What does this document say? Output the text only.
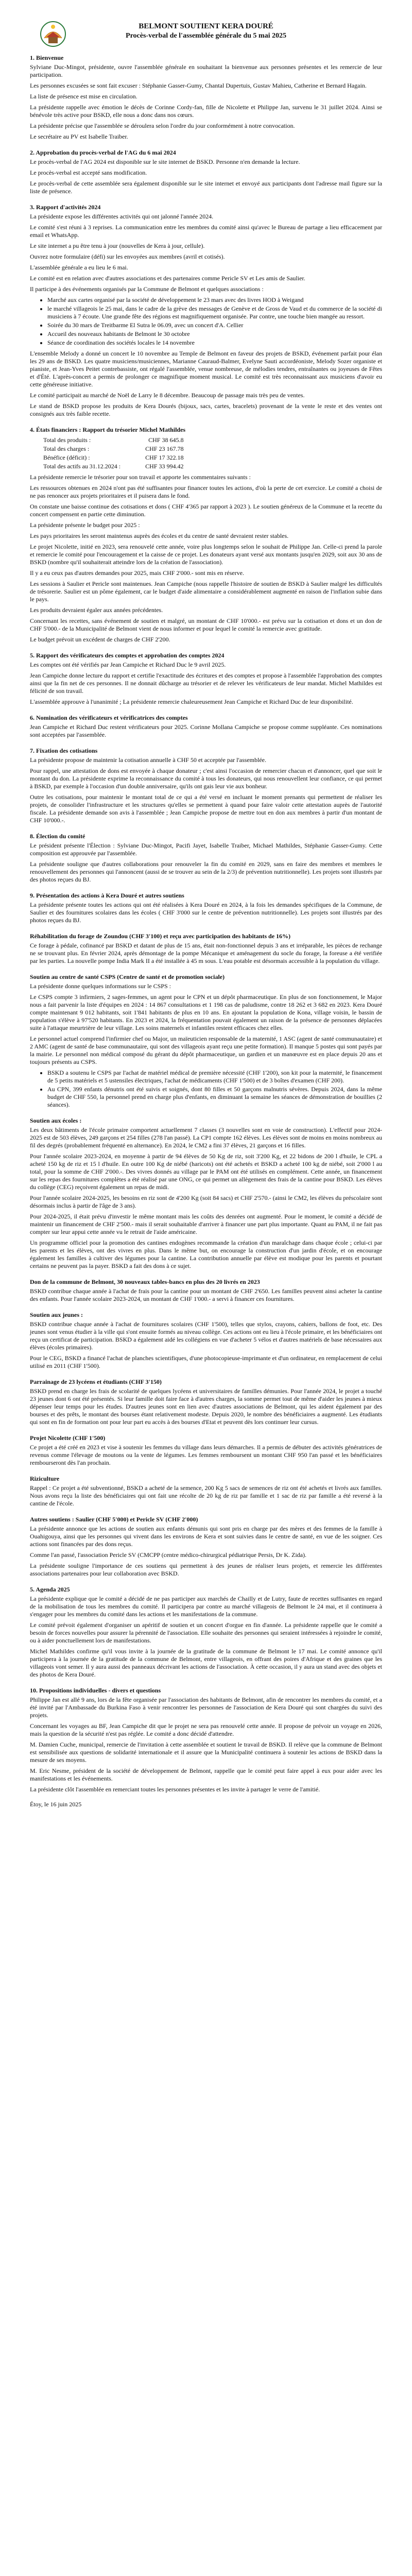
BELMONT SOUTIENT KERA DOURÉ
Procès-verbal de l'assemblée générale du 5 mai 2025
1. Bienvenue

Sylviane Duc-Mingot, présidente, ouvre l'assemblée générale en souhaitant la bienvenue aux personnes présentes et les remercie de leur participation.

Les personnes excusées se sont fait excuser : Stéphanie Gasser-Gumy, Chantal Dupertuis, Gustav Mahieu, Catherine et Bernard Hagain.

La liste de présence est mise en circulation.

La présidente rappelle avec émotion le décès de Corinne Cordy-fan, fille de Nicolette et Philippe Jan, survenu le 31 juillet 2024. Ainsi se bénévole très active pour BSKD, elle nous a donc dans nos cœurs.

La présidente précise que l'assemblée se déroulera selon l'ordre du jour conformément à notre convocation.

Le secrétaire au PV est Isabelle Traiber.

2. Approbation du procès-verbal de l'AG du 6 mai 2024

Le procès-verbal de l'AG 2024 est disponible sur le site internet de BSKD. Personne n'en demande la lecture.

Le procès-verbal est accepté sans modification.

Le procès-verbal de cette assemblée sera également disponible sur le site internet et envoyé aux participants dont l'adresse mail figure sur la liste de présence.

3. Rapport d'activités 2024

La présidente expose les différentes activités qui ont jalonné l'année 2024.

Le comité s'est réuni à 3 reprises. La communication entre les membres du comité ainsi qu'avec le Bureau de partage a lieu efficacement par email et WhatsApp.

Le site internet a pu être tenu à jour (nouvelles de Kera à jour, cellule).

Ouvrez notre formulaire (défi) sur les envoyées aux membres (avril et cotisés).

L'assemblée générale a eu lieu le 6 mai.

Le comité est en relation avec d'autres associations et des partenaires comme Pericle SV et Les amis de Saulier.

Il participe à des événements organisés par la Commune de Belmont et quelques associations :

• Marché aux cartes organisé par la société de développement le 23 mars avec des livres HOD à Weigand
• le marché villageois le 25 mai, dans le cadre de la grève des messages de Genève et de Gross de Vaud et du commerce de la société di musiciens à 7 écoute. Une grande fête des régions est magnifiquement organisée. Par contre, une touche bien mangée au ressort.
• Soirée du 30 mars de Treitbarme El Sutra le 06.09, avec un concert d'A. Cellier
• Accueil des nouveaux habitants de Belmont le 30 octobre
• Séance de coordination des sociétés locales le 14 novembre

L'ensemble Melody a donné un concert le 10 novembre au Temple de Belmont en faveur des projets de BSKD, événement parfait pour élan les 29 ans de BSKD. Les quatre musiciens/musiciennes, Marianne Cauraud-Balmer, Evelyne Sauti accordéoniste, Melody Sozer organiste et pianiste, et Jean-Yves Peitet contrebassiste, ont régalé l'assemblée, venue nombreuse, de mélodies tendres, entraînantes ou joyeuses de Fêtes et d'Été. L'après-concert a permis de prolonger ce magnifique moment musical. Le comité est très reconnaissant aux musiciens d'avoir eu cette généreuse initiative.

Le comité participait au marché de Noël de Larry le 8 décembre. Beaucoup de passage mais très peu de ventes.

Le stand de BSKD propose les produits de Kera Dourés (bijoux, sacs, cartes, bracelets) provenant de la vente le reste et des ventes ont consignés aux très faible recette.

4. États financiers : Rapport du trésorier Michel Mathildes
Total des produits :	CHF 38 645.8
Total des charges :	CHF 23 167.78
Bénéfice (déficit) :	CHF 17 322.18
Total des actifs au 31.12.2024 :	CHF 33 994.42

La présidente remercie le trésorier pour son travail et apporte les commentaires suivants :

Les ressources obtenues en 2024 n'ont pas été suffisantes pour financer toutes les actions, d'où la perte de cet exercice. Le comité a choisi de ne pas renoncer aux projets prioritaires et il puisera dans le fond.

On constate une baisse continue des cotisations et dons ( CHF 4'365 par rapport à 2023 ). Le soutien généreux de la Commune et la recette du concert compensent en partie cette diminution.

La présidente présente le budget pour 2025 :

Les pays prioritaires les seront maintenus auprès des écoles et du centre de santé devraient rester stables.

Le projet Nicolette, initié en 2023, sera renouvelé cette année, voire plus longtemps selon le souhait de Philippe Jan. Celle-ci prend la parole et remercie le comité pour l'encouragement et la caisse de ce projet. Les donateurs ayant versé aux montants jusqu'en 2029, soit aux 30 ans de BSKD (nombre qu'il souhaiterait atteindre lors de la création de l'association).

Il y a eu ceux pas d'autres demandes pour 2025, mais CHF 2'000.- sont mis en réserve.

Les sessions à Saulier et Pericle sont maintenues. Jean Campiche (nous rappelle l'histoire de soutien de BSKD à Saulier malgré les difficultés de trésorerie. Saulier est un pôme également, car le budget d'aide alimentaire a considérablement augmenté en raison de l'inflation subie dans le pays.

Les produits devraient égaler aux années précédentes.

Concernant les recettes, sans événement de soutien et malgré, un montant de CHF 10'000.- est prévu sur la cotisation et dons et un don de CHF 5'000.- de la Municipalité de Belmont vient de nous informer et pour lequel le comité la remercie avec gratitude.

Le budget prévoit un excédent de charges de CHF 2'200.

5. Rapport des vérificateurs des comptes et approbation des comptes 2024

Les comptes ont été vérifiés par Jean Campiche et Richard Duc le 9 avril 2025.

Jean Campiche donne lecture du rapport et certifie l'exactitude des écritures et des comptes et propose à l'assemblée l'approbation des comptes ainsi que la fin net de ces personnes. Il ne donnait dûcharge au trésorier et de relever les vérificateurs de leur mandat. Michel Mathildes est félicité de son travail.

L'assemblée approuve à l'unanimité ; La présidente remercie chaleureusement Jean Campiche et Richard Duc de leur disponibilité.

6. Nomination des vérificateurs et vérificatrices des comptes

Jean Campiche et Richard Duc restent vérificateurs pour 2025. Corinne Mollana Campiche se propose comme suppléante. Ces nominations sont acceptées par l'assemblée.

7. Fixation des cotisations

La présidente propose de maintenir la cotisation annuelle à CHF 50 et acceptée par l'assemblée.

Pour rappel, une attestation de dons est envoyée à chaque donateur ; c'est ainsi l'occasion de remercier chacun et d'annoncer, quel que soit le montant du don. La présidente exprime la reconnaissance du comité à tous les donateurs, qui nous renouvellent leur confiance, ce qui permet à BSKD, par exemple à l'occasion d'un double anniversaire, qu'ils ont gais leur vie aux bonheur.

Outre les cotisations, pour maintenir le montant total de ce qui a été versé en incluant le moment prenants qui permettent de réaliser les projets, de consolider l'infrastructure et les structures qu'elles se permettent à quand pour faire valoir cette attestation auprès de l'autorité fiscale. La présidente demande son avis à l'assemblée ; Jean Campiche propose de mettre tout en don aux membres à partir d'un montant de CHF 10'000.-.

8. Élection du comité

Le président présente l'Élection : Sylviane Duc-Mingot, Pacifi Jayet, Isabelle Traiber, Michael Mathildes, Stéphanie Gasser-Gumy. Cette composition est approuvée par l'assemblée.

La présidente souligne que d'autres collaborations pour renouveler la fin du comité en 2029, sans en faire des membres et membres le renouvellement des personnes qui l'annoncent (aussi de se trouver au sein de la 2/3) de prévention nutritionnelle). Les projets sont illustrés par des photos reçues du BJ.

9. Présentation des actions à Kera Douré et autres soutiens

La présidente présente toutes les actions qui ont été réalisées à Kera Douré en 2024, à la fois les demandes spécifiques de la Commune, de Saulier et des fournitures scolaires dans les écoles ( CHF 3'000 sur le centre de prévention nutritionnelle). Les projets sont illustrés par des photos reçues du BJ.

Réhabilitation du forage de Zoundou (CHF 3'100) et reçu avec participation des habitants de 16%)

Ce forage à pédale, cofinancé par BSKD et datant de plus de 15 ans, était non-fonctionnel depuis 3 ans et irréparable, les pièces de rechange ne se trouvant plus. En février 2024, après démontage de la pompe Mécanique et aménagement du socle du forage, la foreuse a été verifiée par les parties. La nouvelle pompe India Mark II a été installée à 45 m sous. L'eau potable est désormais accessible à la population du village.

Soutien au centre de santé CSPS (Centre de santé et de promotion sociale)

La présidente donne quelques informations sur le CSPS :

Le CSPS compte 3 infirmiers, 2 sages-femmes, un agent pour le CPN et un dépôt pharmaceutique. En plus de son fonctionnement, le Major nous a fait parvenir la liste d'équipes en 2024 : 14 867 consultations et 1 198 cas de paludisme, contre 18 262 et 3 682 en 2023. Kera Douré compte maintenant 9 012 habitants, soit 1'841 habitants de plus en 10 ans. En ajoutant la population de Kona, village voisin, le bassin de population s'élève à 97'520 habitants. En 2023 et 2024, la fréquentation pouvait également un raison de la présence de personnes déplacées suite à l'attaque meurtrière de leur village. Les soins maternels et infantiles restent efficaces chez elles.

Le personnel actuel comprend l'infirmier chef ou Major, un maïeuticien responsable de la maternité, 1 ASC (agent de santé communautaire) et 2 AMC (agent de santé de base communautaire, qui sont des villageois ayant reçu une petite formation). Il manque 5 postes qui sont payés par la mairie. Le personnel non médical composé du gérant du dépôt pharmaceutique, un gardien et un manœuvre est en place depuis 20 ans et toujours présents au CSPS.

• BSKD a soutenu le CSPS par l'achat de matériel médical de première nécessité (CHF 1'200), son kit pour la maternité, le financement de 5 petits matériels et 5 ustensiles électriques, l'achat de médicaments (CHF 1'500) et de 3 boîtes d'examen (CHF 200).
• Au CPN, 399 enfants dénutris ont été suivis et soignés, dont 80 filles et 50 garçons malnutris sévères. Depuis 2024, dans la même budget de CHF 550, la personnel prend en charge plus d'enfants, en diminuant la semaine les séances de démonstration de bouillies (2 séances).
Soutien aux écoles :

Les deux bâtiments de l'école primaire comportent actuellement 7 classes (3 nouvelles sont en voie de construction). L'effectif pour 2024-2025 est de 503 élèves, 249 garçons et 254 filles (278 l'an passé). La CP1 compte 162 élèves. Les élèves sont de moins en moins nombreux au fil des degrés (probablement fréquenté en alternance). En 2024, le CM2 a fini 37 élèves, 21 garçons et 16 filles.

Pour l'année scolaire 2023-2024, en moyenne à partir de 94 élèves de 50 Kg de riz, soit 3'200 Kg, et 22 bidons de 200 l d'huile, le CPL a acheté 150 kg de riz et 15 l d'huile. En outre 100 Kg de niébé (haricots) ont été achetés et BSKD a acheté 100 kg de niébé, soit 2'000 l au total, pour la somme de CHF 2'000.-. Des vivres donnés au village par le PAM ont été utilisés en complément. Cette année, un financement sur les repas des fournitures complètes a été réalisé par une ONG, ce qui permet un allègement des frais de la cantine pour BSKD. Les élèves du collège (CEG) reçoivent également un repas de midi.

Pour l'année scolaire 2024-2025, les besoins en riz sont de 4'200 Kg (soit 84 sacs) et CHF 2'570.- (ainsi le CM2, les élèves du préscolaire sont désormais inclus à partir de l'âge de 3 ans).

Pour 2024-2025, il était prévu d'investir le même montant mais les coûts des denrées ont augmenté. Pour le moment, le comité a décidé de maintenir un financement de CHF 2'500.- mais il serait souhaitable d'arriver à financer une part plus importante. Quant au PAM, il ne fait pas compter sur leur appui cette année vu le retrait de l'aide américaine.

Un programme officiel pour la promotion des cantines endogènes recommande la création d'un maraîchage dans chaque école ; celui-ci par les parents et les élèves, ont des vivres en plus. Dans le même but, on encourage la construction d'un jardin d'école, et on encourage également les familles à cultiver des légumes pour la cantine. La contribution annuelle par élève est modique pour les parents et pourtant certains ne peuvent pas la payer. BSKD a fait des dons à ce sujet.

Don de la commune de Belmont, 30 nouveaux tables-bancs en plus des 20 livrés en 2023

BSKD contribue chaque année à l'achat de frais pour la cantine pour un montant de CHF 2'650. Les familles peuvent ainsi acheter la cantine des enfants. Pour l'année scolaire 2023-2024, un montant de CHF 1'000.- a servi à financer ces fournitures.

Soutien aux jeunes :

BSKD contribue chaque année à l'achat de fournitures scolaires (CHF 1'500), telles que stylos, crayons, cahiers, ballons de foot, etc. Des jeunes sont venus étudier à la ville qui s'ont ensuite formés au niveau collège. Ces actions ont eu lieu à l'école primaire, et les bénéficiaires ont reçu un certificat de participation. BSKD a également aidé les collégiens en vue d'acheter 5 vélos et d'autres matériels de base nécessaires aux élèves (écoles primaires).

Pour le CEG, BSKD a financé l'achat de planches scientifiques, d'une photocopieuse-imprimante et d'un ordinateur, en remplacement de celui utilisé en 2011 (CHF 1'500).

Parrainage de 23 lycéens et étudiants (CHF 3'150)

BSKD prend en charge les frais de scolarité de quelques lycéens et universitaires de familles démunies. Pour l'année 2024, le projet a touché 23 jeunes dont 6 ont été présentés. Si leur famille doit faire face à d'autres charges, la somme permet tout de même d'aider les jeunes à mieux dépenser leur temps pour les études. D'autres jeunes sont en lien avec d'autres associations de Belmont, qui les aident également par des bourses et des prêts, le montant des bourses étant relativement modeste. Depuis 2020, le nombre des bénéficiaires a augmenté. Les étudiants qui sont en fin de formation ont pour leur part eu accès à des bourses d'Etat et peuvent dès lors continuer leur cursus.

Projet Nicolette (CHF 1'500)

Ce projet a été créé en 2023 et vise à soutenir les femmes du village dans leurs démarches. Il a permis de débuter des activités génératrices de revenus comme l'élevage de moutons ou la vente de légumes. Les femmes remboursent un montant CHF 950 l'an passé et les bénéficiaires rembourseront dès l'an prochain.

Riziculture

Rappel : Ce projet a été subventionné, BSKD a acheté de la semence, 200 Kg 5 sacs de semences de riz ont été achetés et livrés aux familles. Nous avons reçu la liste des bénéficiaires qui ont fait une récolte de 20 kg de riz par famille et 1 sac de riz par famille a été reversé à la cantine de l'école.

Autres soutiens : Saulier (CHF 5'000) et Pericle SV (CHF 2'000)

La présidente annonce que les actions de soutien aux enfants démunis qui sont pris en charge par des mères et des femmes de la famille à Ouahigouya, ainsi que les personnes qui vivent dans les environs de Kera et sont suivies dans le centre de santé, en vue de les soigner. Ces actions sont financées par des dons reçus.

Comme l'an passé, l'association Pericle SV (CMCPP (centre médico-chirurgical pédiatrique Persis, Dr K. Zida).

La présidente souligne l'importance de ces soutiens qui permettent à des jeunes de réaliser leurs projets, et remercie les différentes associations partenaires pour leur collaboration avec BSKD.

5. Agenda 2025

La présidente explique que le comité a décidé de ne pas participer aux marchés de Chailly et de Lutry, faute de recettes suffisantes en regard de la mobilisation de tous les membres du comité. Il participera par contre au marché villageois de Belmont le 24 mai, et il continuera à s'engager pour les membres du comité dans les actions et les manifestations de la commune.

Le comité prévoit également d'organiser un apéritif de soutien et un concert d'orgue en fin d'année. La présidente rappelle que le comité a besoin de forces nouvelles pour assurer la pérennité de l'association. Elle souhaite des personnes qui seraient intéressées à rejoindre le comité, ou à aider ponctuellement lors de manifestations.

Michel Mathildes confirme qu'il vous invite à la journée de la gratitude de la commune de Belmont le 17 mai. Le comité annonce qu'il participera à la journée de la gratitude de la commune de Belmont, entre villageois, en offrant des poires d'Afrique et des graines que les villageois vont semer. Il y aura aussi des panneaux décrivant les actions de l'association. À cette occasion, il y aura un stand avec des objets et des photos de Kera Douré.

10. Propositions individuelles - divers et questions

Philippe Jan est allé 9 ans, lors de la fête organisée par l'association des habitants de Belmont, afin de rencontrer les membres du comité, et a été invité par l'Ambassade du Burkina Faso à venir rencontrer les personnes de l'association de Kera Douré qui sont chargées du suivi des projets.

Concernant les voyages au BF, Jean Campiche dit que le projet ne sera pas renouvelé cette année. Il propose de prévoir un voyage en 2026, mais la question de la sécurité n'est pas réglée. Le comité a donc décidé d'attendre.

M. Damien Cuche, municipal, remercie de l'invitation à cette assemblée et soutient le travail de BSKD. Il relève que la commune de Belmont est sensibilisée aux questions de solidarité internationale et il assure que la Municipalité continuera à soutenir les actions de BSKD dans la mesure de ses moyens.

M. Eric Nesme, président de la société de développement de Belmont, rappelle que le comité peut faire appel à eux pour aider avec les manifestations et les événements.

La présidente clôt l'assemblée en remerciant toutes les personnes présentes et les invite à partager le verre de l'amitié.

Étoy, le 16 juin 2025
